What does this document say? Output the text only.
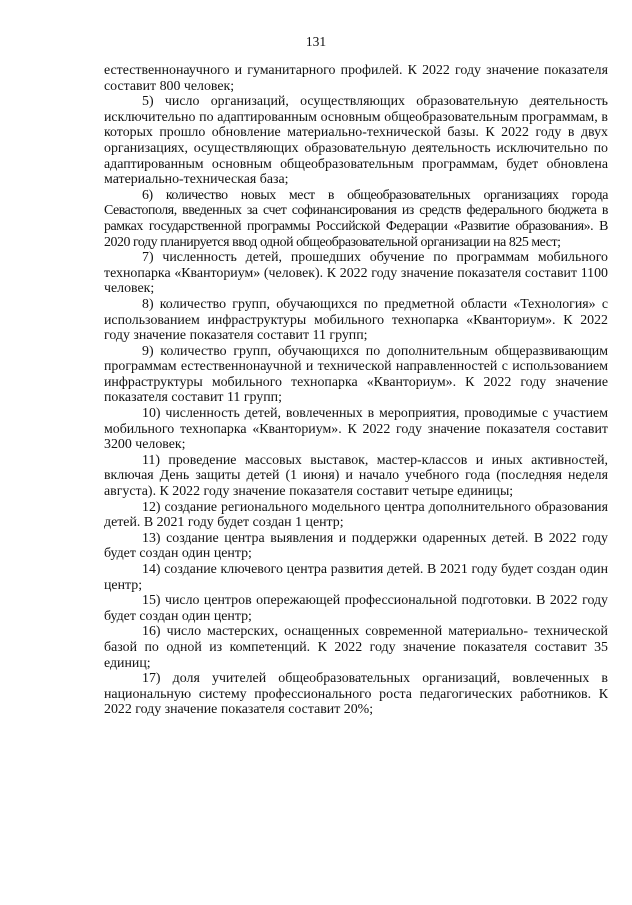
131

естественнонаучного и гуманитарного профилей. К 2022 году значение показателя составит 800 человек;

5) число организаций, осуществляющих образовательную деятельность исключительно по адаптированным основным общеобразовательным программам, в которых прошло обновление материально-технической базы. К 2022 году в двух организациях, осуществляющих образовательную деятельность исключительно по адаптированным основным общеобразовательным программам, будет обновлена материально-техническая база;

6) количество новых мест в общеобразовательных организациях города Севастополя, введенных за счет софинансирования из средств федерального бюджета в рамках государственной программы Российской Федерации «Развитие образования». В 2020 году планируется ввод одной общеобразовательной организации на 825 мест;

7) численность детей, прошедших обучение по программам мобильного технопарка «Кванториум» (человек). К 2022 году значение показателя составит 1100 человек;

8) количество групп, обучающихся по предметной области «Технология» с использованием инфраструктуры мобильного технопарка «Кванториум». К 2022 году значение показателя составит 11 групп;

9) количество групп, обучающихся по дополнительным общеразвивающим программам естественнонаучной и технической направленностей с использованием инфраструктуры мобильного технопарка «Кванториум». К 2022 году значение показателя составит 11 групп;

10) численность детей, вовлеченных в мероприятия, проводимые с участием мобильного технопарка «Кванториум». К 2022 году значение показателя составит 3200 человек;

11) проведение массовых выставок, мастер-классов и иных активностей, включая День защиты детей (1 июня) и начало учебного года (последняя неделя августа). К 2022 году значение показателя составит четыре единицы;

12) создание регионального модельного центра дополнительного образования детей. В 2021 году будет создан 1 центр;

13) создание центра выявления и поддержки одаренных детей. В 2022 году будет создан один центр;

14) создание ключевого центра развития детей. В 2021 году будет создан один центр;

15) число центров опережающей профессиональной подготовки. В 2022 году будет создан один центр;

16) число мастерских, оснащенных современной материально- технической базой по одной из компетенций. К 2022 году значение показателя составит 35 единиц;

17) доля учителей общеобразовательных организаций, вовлеченных в национальную систему профессионального роста педагогических работников. К 2022 году значение показателя составит 20%;
